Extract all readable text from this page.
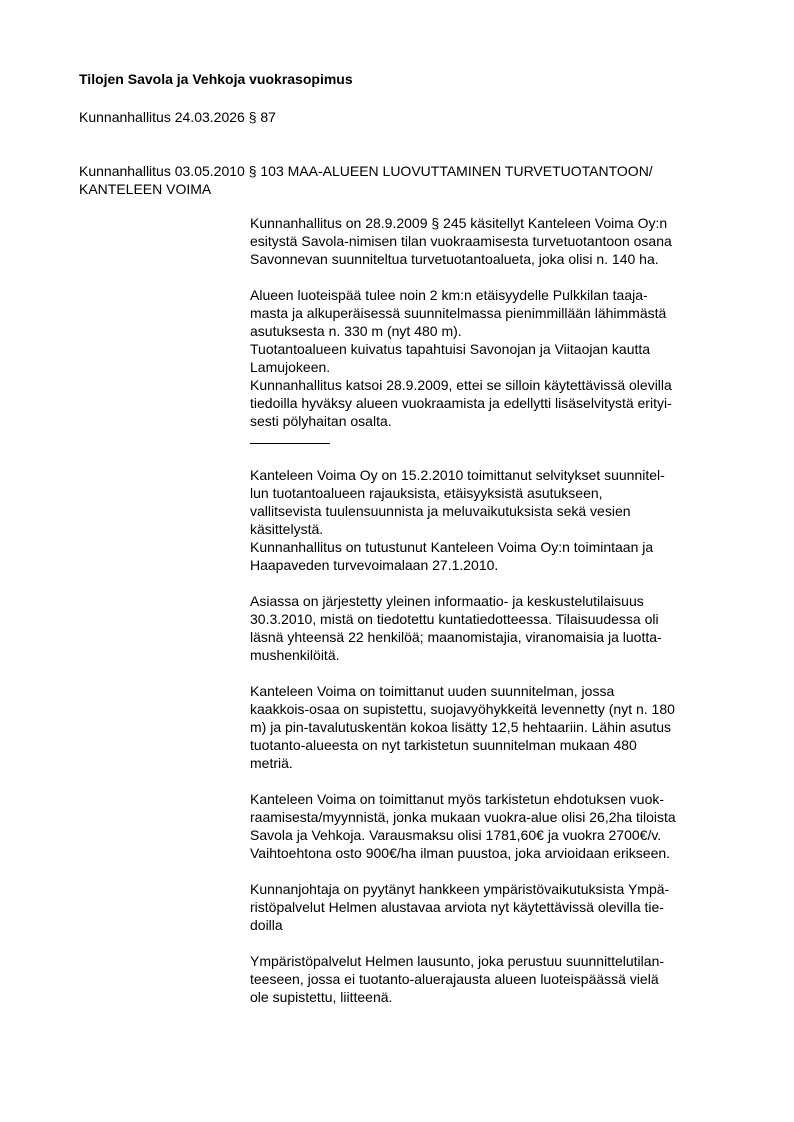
Tilojen Savola ja Vehkoja vuokrasopimus
Kunnanhallitus 24.03.2026 § 87
Kunnanhallitus 03.05.2010 § 103 MAA-ALUEEN LUOVUTTAMINEN TURVETUOTANTOON/
KANTELEEN VOIMA

Kunnanhallitus on 28.9.2009 § 245 käsitellyt Kanteleen Voima Oy:n
esitystä Savola-nimisen tilan vuokraamisesta turvetuotantoon osana
Savonnevan suunniteltua turvetuotantoalueta, joka olisi n. 140 ha.

Alueen luoteispää tulee noin 2 km:n etäisyydelle Pulkkilan taaja-
masta ja alkuperäisessä suunnitelmassa pienimmillään lähimmästä
asutuksesta n. 330 m (nyt 480 m).
Tuotantoalueen kuivatus tapahtuisi Savonojan ja Viitaojan kautta
Lamujokeen.
Kunnanhallitus katsoi 28.9.2009, ettei se silloin käytettävissä olevilla
tiedoilla hyväksy alueen vuokraamista ja edellytti lisäselvitystä erityi-
sesti pölyhaitan osalta.

Kanteleen Voima Oy on 15.2.2010 toimittanut selvitykset suunnitel-
lun tuotantoalueen rajauksista, etäisyyksistä asutukseen,
vallitsevista tuulensuunnista ja meluvaikutuksista sekä vesien
käsittelystä.
Kunnanhallitus on tutustunut Kanteleen Voima Oy:n toimintaan ja
Haapaveden turvevoimalaan 27.1.2010.

Asiassa on järjestetty yleinen informaatio- ja keskustelutilaisuus
30.3.2010, mistä on tiedotettu kuntatiedotteessa. Tilaisuudessa oli
läsnä yhteensä 22 henkilöä; maanomistajia, viranomaisia ja luotta-
mushenkilöitä.

Kanteleen Voima on toimittanut uuden suunnitelman, jossa
kaakkois-osaa on supistettu, suojavyöhykkeitä levennetty (nyt n. 180
m) ja pin-tavalutuskentän kokoa lisätty 12,5 hehtaariin. Lähin asutus
tuotanto-alueesta on nyt tarkistetun suunnitelman mukaan 480
metriä.

Kanteleen Voima on toimittanut myös tarkistetun ehdotuksen vuok-
raamisesta/myynnistä, jonka mukaan vuokra-alue olisi 26,2ha tiloista
Savola ja Vehkoja. Varausmaksu olisi 1781,60€ ja vuokra 2700€/v.
Vaihtoehtona osto 900€/ha ilman puustoa, joka arvioidaan erikseen.

Kunnanjohtaja on pyytänyt hankkeen ympäristövaikutuksista Ympä-
ristöpalvelut Helmen alustavaa arviota nyt käytettävissä olevilla tie-
doilla

Ympäristöpalvelut Helmen lausunto, joka perustuu suunnittelutilan-
teeseen, jossa ei tuotanto-aluerajausta alueen luoteispäässä vielä
ole supistettu, liitteenä.
